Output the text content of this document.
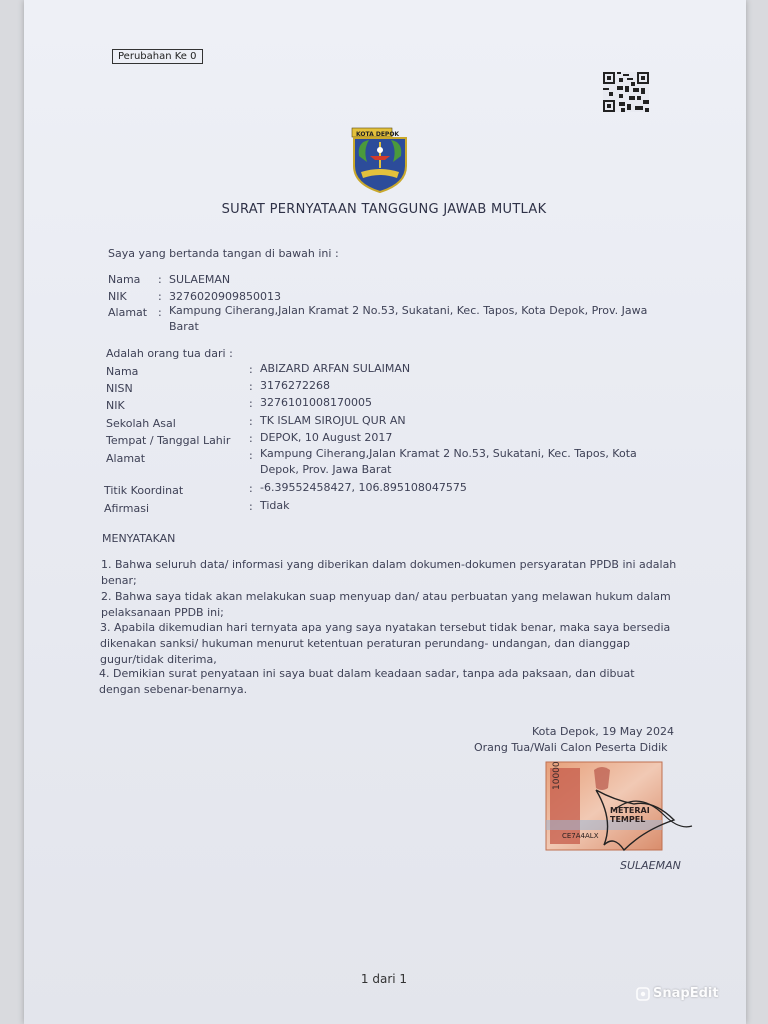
Perubahan Ke 0
KOTA DEPOK
SURAT PERNYATAAN TANGGUNG JAWAB MUTLAK
Saya yang bertanda tangan di bawah ini :
Nama : SULAEMAN
NIK	: 3276020909850013
Alamat : Kampung Ciherang,Jalan Kramat 2 No.53, Sukatani, Kec. Tapos, Kota Depok, Prov. Jawa
Barat
Adalah orang tua dari :
Nama	: ABIZARD ARFAN SULAIMAN
NISN	: 3176272268
NIK	: 3276101008170005
Sekolah Asal	: TK ISLAM SIROJUL QUR AN
Tempat / Tanggal Lahir : DEPOK, 10 August 2017
Alamat	: Kampung Ciherang,Jalan Kramat 2 No.53, Sukatani, Kec. Tapos, Kota
Depok, Prov. Jawa Barat
Titik Koordinat	: -6.39552458427, 106.895108047575
Afirmasi	: Tidak
MENYATAKAN
1. Bahwa seluruh data/ informasi yang diberikan dalam dokumen-dokumen persyaratan PPDB ini adalah benar;
2. Bahwa saya tidak akan melakukan suap menyuap dan/ atau perbuatan yang melawan hukum dalam pelaksanaan PPDB ini;
3. Apabila dikemudian hari ternyata apa yang saya nyatakan tersebut tidak benar, maka saya bersedia dikenakan sanksi/ hukuman menurut ketentuan peraturan perundang- undangan, dan dianggap gugur/tidak diterima,
4. Demikian surat penyataan ini saya buat dalam keadaan sadar, tanpa ada paksaan, dan dibuat dengan sebenar-benarnya.
Kota Depok, 19 May 2024
Orang Tua/Wali Calon Peserta Didik
10000
METERAI TEMPEL
CE7A4ALX
SULAEMAN
1 dari 1
SnapEdit
